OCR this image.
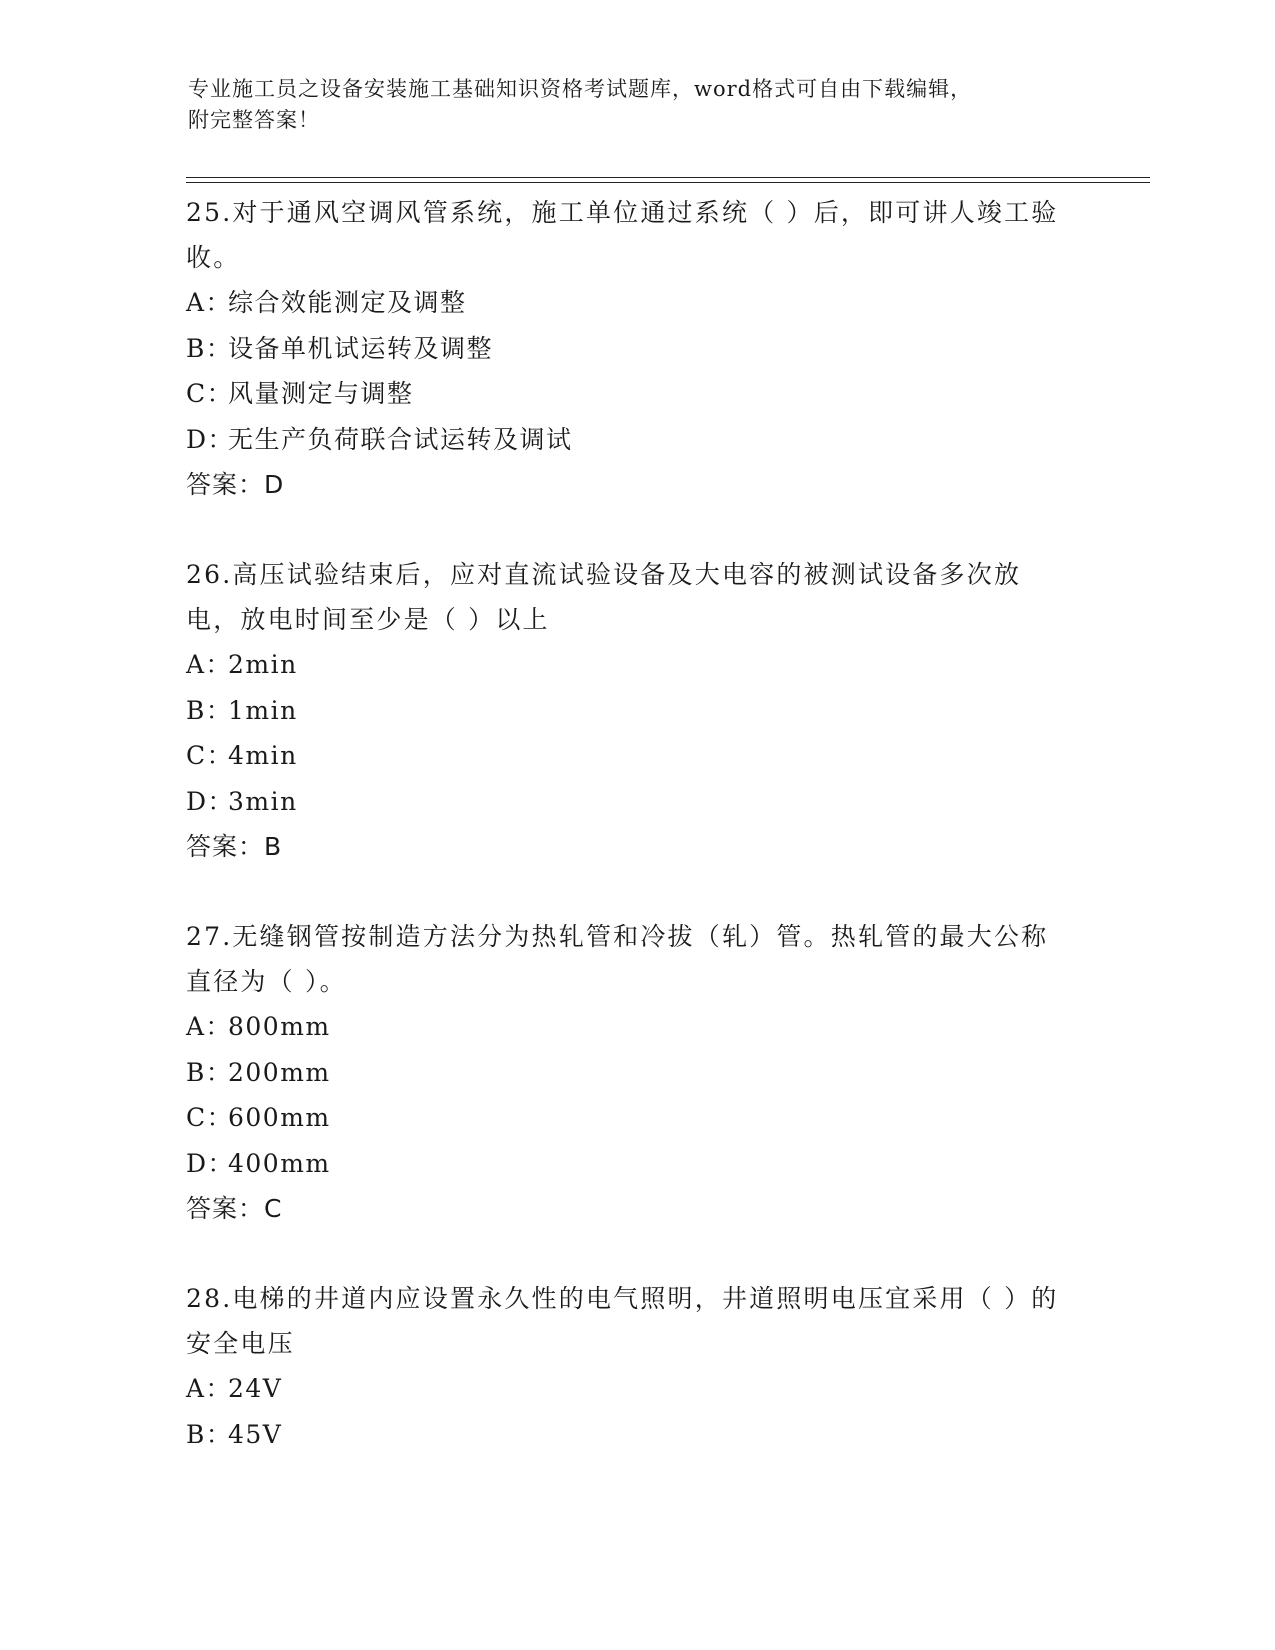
专业施工员之设备安装施工基础知识资格考试题库，word格式可自由下载编辑，
附完整答案！
25.对于通风空调风管系统，施工单位通过系统（ ）后，即可讲人竣工验收。
A：综合效能测定及调整
B：设备单机试运转及调整
C：风量测定与调整
D：无生产负荷联合试运转及调试
答案：D
26.高压试验结束后，应对直流试验设备及大电容的被测试设备多次放电，放电时间至少是（ ）以上
A：2min
B：1min
C：4min
D：3min
答案：B
27.无缝钢管按制造方法分为热轧管和冷拔（轧）管。热轧管的最大公称直径为（ ）。
A：800mm
B：200mm
C：600mm
D：400mm
答案：C
28.电梯的井道内应设置永久性的电气照明，井道照明电压宜采用（ ）的安全电压
A：24V
B：45V
